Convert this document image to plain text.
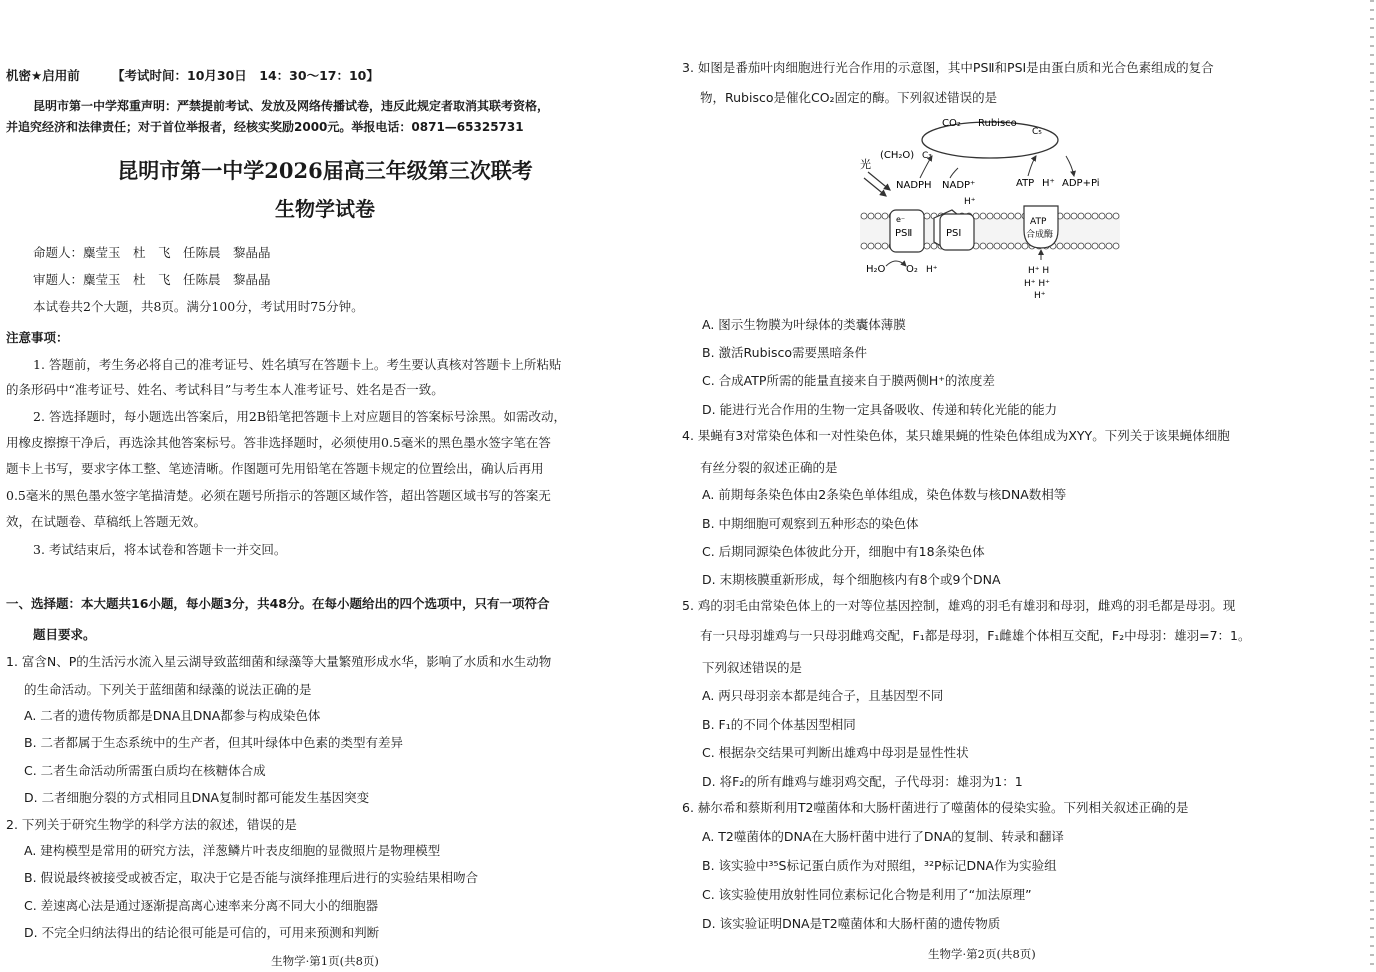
机密★启用前	【考试时间：10月30日　14：30～17：10】
昆明市第一中学郑重声明：严禁提前考试、发放及网络传播试卷，违反此规定者取消其联考资格，
并追究经济和法律责任；对于首位举报者，经核实奖励2000元。举报电话：0871—65325731
昆明市第一中学2026届高三年级第三次联考
生物学试卷
命题人：麋莹玉　杜　飞　任陈晨　黎晶晶
审题人：麋莹玉　杜　飞　任陈晨　黎晶晶
本试卷共2个大题，共8页。满分100分，考试用时75分钟。
注意事项：
1. 答题前，考生务必将自己的准考证号、姓名填写在答题卡上。考生要认真核对答题卡上所粘贴
的条形码中“准考证号、姓名、考试科目”与考生本人准考证号、姓名是否一致。
2. 答选择题时，每小题选出答案后，用2B铅笔把答题卡上对应题目的答案标号涂黑。如需改动，
用橡皮擦擦干净后，再选涂其他答案标号。答非选择题时，必须使用0.5毫米的黑色墨水签字笔在答
题卡上书写，要求字体工整、笔迹清晰。作图题可先用铅笔在答题卡规定的位置绘出，确认后再用
0.5毫米的黑色墨水签字笔描清楚。必须在题号所指示的答题区域作答，超出答题区域书写的答案无
效，在试题卷、草稿纸上答题无效。
3. 考试结束后，将本试卷和答题卡一并交回。
一、选择题：本大题共16小题，每小题3分，共48分。在每小题给出的四个选项中，只有一项符合
题目要求。
1. 富含N、P的生活污水流入星云湖导致蓝细菌和绿藻等大量繁殖形成水华，影响了水质和水生动物
的生命活动。下列关于蓝细菌和绿藻的说法正确的是
A. 二者的遗传物质都是DNA且DNA都参与构成染色体
B. 二者都属于生态系统中的生产者，但其叶绿体中色素的类型有差异
C. 二者生命活动所需蛋白质均在核糖体合成
D. 二者细胞分裂的方式相同且DNA复制时都可能发生基因突变
2. 下列关于研究生物学的科学方法的叙述，错误的是
A. 建构模型是常用的研究方法，洋葱鳞片叶表皮细胞的显微照片是物理模型
B. 假说最终被接受或被否定，取决于它是否能与演绎推理后进行的实验结果相吻合
C. 差速离心法是通过逐渐提高离心速率来分离不同大小的细胞器
D. 不完全归纳法得出的结论很可能是可信的，可用来预测和判断
生物学·第1页(共8页)
3. 如图是番茄叶肉细胞进行光合作用的示意图，其中PSⅡ和PSⅠ是由蛋白质和光合色素组成的复合
物，Rubisco是催化CO₂固定的酶。下列叙述错误的是
CO₂ Rubisco
C₅
(CH₂O) C₃
光
NADPH NADP⁺
H⁺
ATP H⁺ ADP+Pi
e⁻
PSⅡ	PSⅠ
ATP
合成酶
H₂O O₂ H⁺	H⁺ H
H⁺ H⁺
H⁺
A. 图示生物膜为叶绿体的类囊体薄膜
B. 激活Rubisco需要黑暗条件
C. 合成ATP所需的能量直接来自于膜两侧H⁺的浓度差
D. 能进行光合作用的生物一定具备吸收、传递和转化光能的能力
4. 果蝇有3对常染色体和一对性染色体，某只雄果蝇的性染色体组成为XYY。下列关于该果蝇体细胞
有丝分裂的叙述正确的是
A. 前期每条染色体由2条染色单体组成，染色体数与核DNA数相等
B. 中期细胞可观察到五种形态的染色体
C. 后期同源染色体彼此分开，细胞中有18条染色体
D. 末期核膜重新形成，每个细胞核内有8个或9个DNA
5. 鸡的羽毛由常染色体上的一对等位基因控制，雄鸡的羽毛有雄羽和母羽，雌鸡的羽毛都是母羽。现
有一只母羽雄鸡与一只母羽雌鸡交配，F₁都是母羽，F₁雌雄个体相互交配，F₂中母羽：雄羽=7：1。
下列叙述错误的是
A. 两只母羽亲本都是纯合子，且基因型不同
B. F₁的不同个体基因型相同
C. 根据杂交结果可判断出雄鸡中母羽是显性性状
D. 将F₂的所有雌鸡与雄羽鸡交配，子代母羽：雄羽为1：1
6. 赫尔希和蔡斯利用T2噬菌体和大肠杆菌进行了噬菌体的侵染实验。下列相关叙述正确的是
A. T2噬菌体的DNA在大肠杆菌中进行了DNA的复制、转录和翻译
B. 该实验中³⁵S标记蛋白质作为对照组，³²P标记DNA作为实验组
C. 该实验使用放射性同位素标记化合物是利用了“加法原理”
D. 该实验证明DNA是T2噬菌体和大肠杆菌的遗传物质
生物学·第2页(共8页)
